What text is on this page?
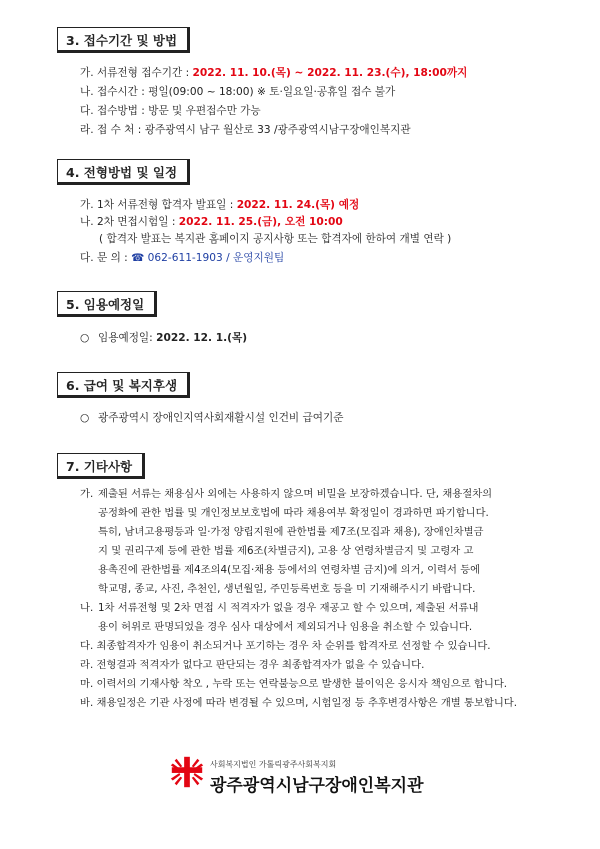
3. 접수기간 및 방법
가. 서류전형 접수기간 : 2022. 11. 10.(목) ~ 2022. 11. 23.(수), 18:00까지
나. 접수시간 : 평일(09:00 ~ 18:00) ※ 토·일요일·공휴일 접수 불가
다. 접수방법 : 방문 및 우편접수만 가능
라. 접 수 처 : 광주광역시 남구 월산로 33 /광주광역시남구장애인복지관
4. 전형방법 및 일정
가. 1차 서류전형 합격자 발표일 : 2022. 11. 24.(목) 예정
나. 2차 면접시험일 : 2022. 11. 25.(금), 오전 10:00
( 합격자 발표는 복지관 홈페이지 공지사항 또는 합격자에 한하여 개별 연락 )
다. 문 의 : ☎ 062-611-1903 / 운영지원팀
5. 임용예정일
○ 임용예정일: 2022. 12. 1.(목)
6. 급여 및 복지후생
○ 광주광역시 장애인지역사회재활시설 인건비 급여기준
7. 기타사항
가. 제출된 서류는 채용심사 외에는 사용하지 않으며 비밀을 보장하겠습니다. 단, 채용절차의
공정화에 관한 법률 및 개인정보보호법에 따라 채용여부 확정일이 경과하면 파기합니다.
특히, 남녀고용평등과 일·가정 양립지원에 관한법률 제7조(모집과 채용), 장애인차별금
지 및 권리구제 등에 관한 법률 제6조(차별금지), 고용 상 연령차별금지 및 고령자 고
용촉진에 관한법률 제4조의4(모집·채용 등에서의 연령차별 금지)에 의거, 이력서 등에
학교명, 종교, 사진, 추천인, 생년월일, 주민등록번호 등을 미 기재해주시기 바랍니다.
나. 1차 서류전형 및 2차 면접 시 적격자가 없을 경우 재공고 할 수 있으며, 제출된 서류내
용이 허위로 판명되었을 경우 심사 대상에서 제외되거나 임용을 취소할 수 있습니다.
다. 최종합격자가 임용이 취소되거나 포기하는 경우 차 순위를 합격자로 선정할 수 있습니다.
라. 전형결과 적격자가 없다고 판단되는 경우 최종합격자가 없을 수 있습니다.
마. 이력서의 기재사항 착오 , 누락 또는 연락불능으로 발생한 불이익은 응시자 책임으로 합니다.
바. 채용일정은 기관 사정에 따라 변경될 수 있으며, 시험일정 등 추후변경사항은 개별 통보합니다.
사회복지법인 가톨릭광주사회복지회
광주광역시남구장애인복지관
